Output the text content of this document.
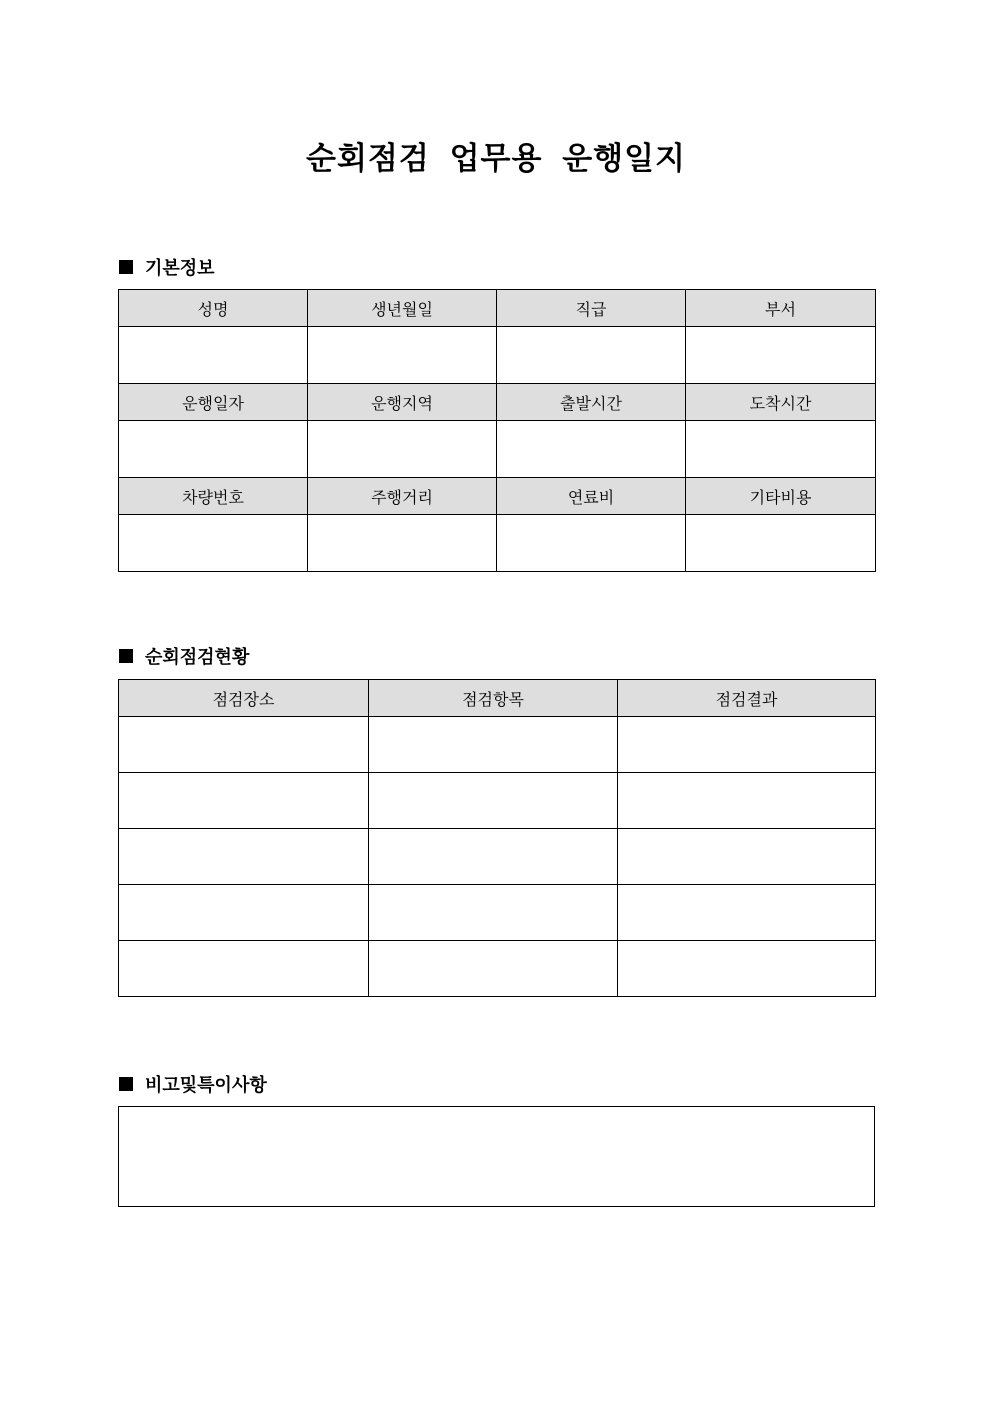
순회점검 업무용 운행일지
기본정보
성명	생년월일	직급	부서

운행일자	운행지역	출발시간	도착시간

차량번호	주행거리	연료비	기타비용

순회점검현황
점검장소	점검항목	점검결과

비고및특이사항
